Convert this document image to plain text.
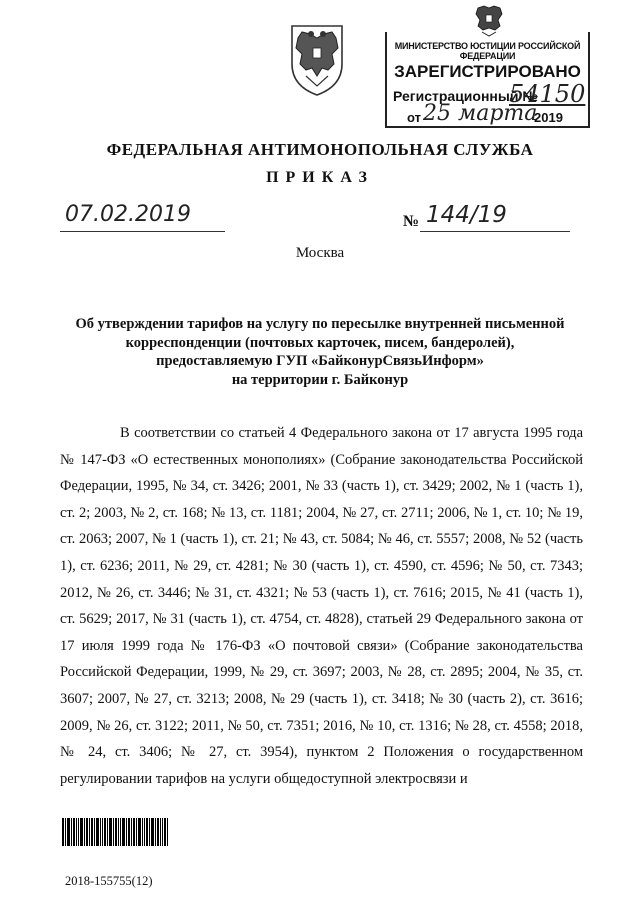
МИНИСТЕРСТВО ЮСТИЦИИ РОССИЙСКОЙ ФЕДЕРАЦИИ
ЗАРЕГИСТРИРОВАНО
Регистрационный №
54150
от 25 марта
2019
ФЕДЕРАЛЬНАЯ АНТИМОНОПОЛЬНАЯ СЛУЖБА
ПРИКАЗ
07.02.2019	№ 144/19
Москва
Об утверждении тарифов на услугу по пересылке внутренней письменной
корреспонденции (почтовых карточек, писем, бандеролей),
предоставляемую ГУП «БайконурСвязьИнформ»
на территории г. Байконур

В соответствии со статьей 4 Федерального закона от 17 августа 1995 года № 147-ФЗ «О естественных монополиях» (Собрание законодательства Российской Федерации, 1995, № 34, ст. 3426; 2001, № 33 (часть 1), ст. 3429; 2002, № 1 (часть 1), ст. 2; 2003, № 2, ст. 168; № 13, ст. 1181; 2004, № 27, ст. 2711; 2006, № 1, ст. 10; № 19, ст. 2063; 2007, № 1 (часть 1), ст. 21; № 43, ст. 5084; № 46, ст. 5557; 2008, № 52 (часть 1), ст. 6236; 2011, № 29, ст. 4281; № 30 (часть 1), ст. 4590, ст. 4596; № 50, ст. 7343; 2012, № 26, ст. 3446; № 31, ст. 4321; № 53 (часть 1), ст. 7616; 2015, № 41 (часть 1), ст. 5629; 2017, № 31 (часть 1), ст. 4754, ст. 4828), статьей 29 Федерального закона от 17 июля 1999 года № 176-ФЗ «О почтовой связи» (Собрание законодательства Российской Федерации, 1999, № 29, ст. 3697; 2003, № 28, ст. 2895; 2004, № 35, ст. 3607; 2007, № 27, ст. 3213; 2008, № 29 (часть 1), ст. 3418; № 30 (часть 2), ст. 3616; 2009, № 26, ст. 3122; 2011, № 50, ст. 7351; 2016, № 10, ст. 1316; № 28, ст. 4558; 2018, № 24, ст. 3406; № 27, ст. 3954), пунктом 2 Положения о государственном регулировании тарифов на услуги общедоступной электросвязи и

2018-155755(12)
